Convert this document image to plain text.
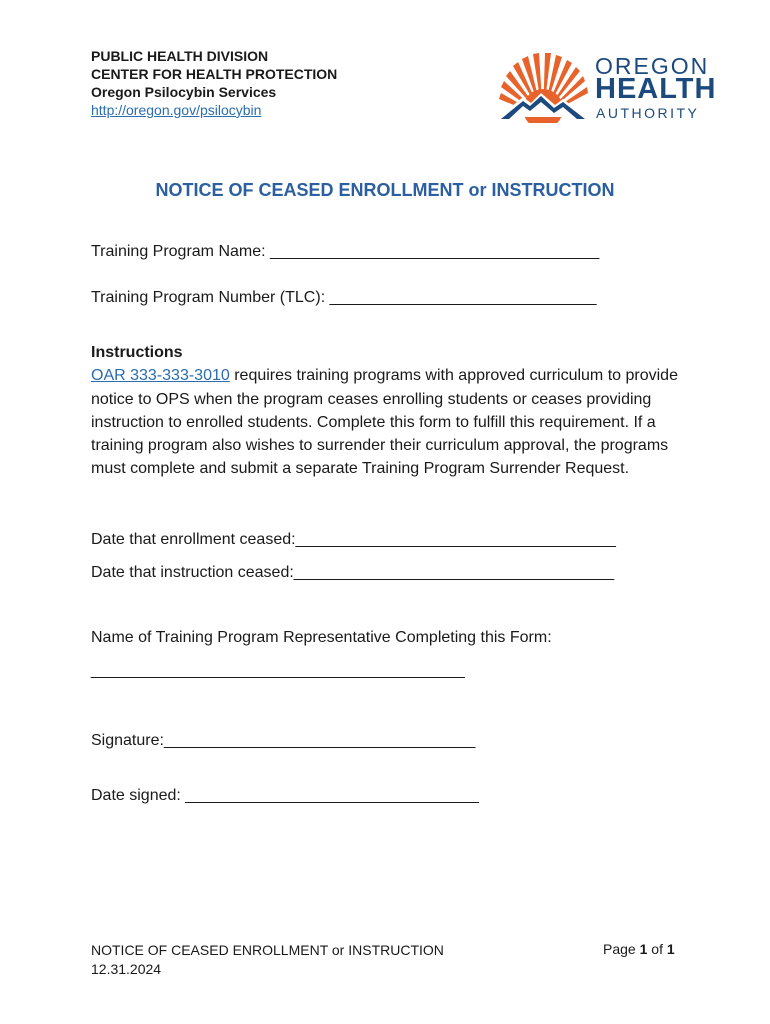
PUBLIC HEALTH DIVISION
CENTER FOR HEALTH PROTECTION
Oregon Psilocybin Services
http://oregon.gov/psilocybin
OREGON
HEALTH
AUTHORITY
NOTICE OF CEASED ENROLLMENT or INSTRUCTION
Training Program Name: _____________________________________
Training Program Number (TLC): ______________________________
Instructions
OAR 333-333-3010 requires training programs with approved curriculum to provide notice to OPS when the program ceases enrolling students or ceases providing instruction to enrolled students. Complete this form to fulfill this requirement. If a training program also wishes to surrender their curriculum approval, the programs must complete and submit a separate Training Program Surrender Request.
Date that enrollment ceased:____________________________________
Date that instruction ceased:____________________________________
Name of Training Program Representative Completing this Form:
__________________________________________
Signature:___________________________________
Date signed: _________________________________
NOTICE OF CEASED ENROLLMENT or INSTRUCTION
12.31.2024
Page 1 of 1
